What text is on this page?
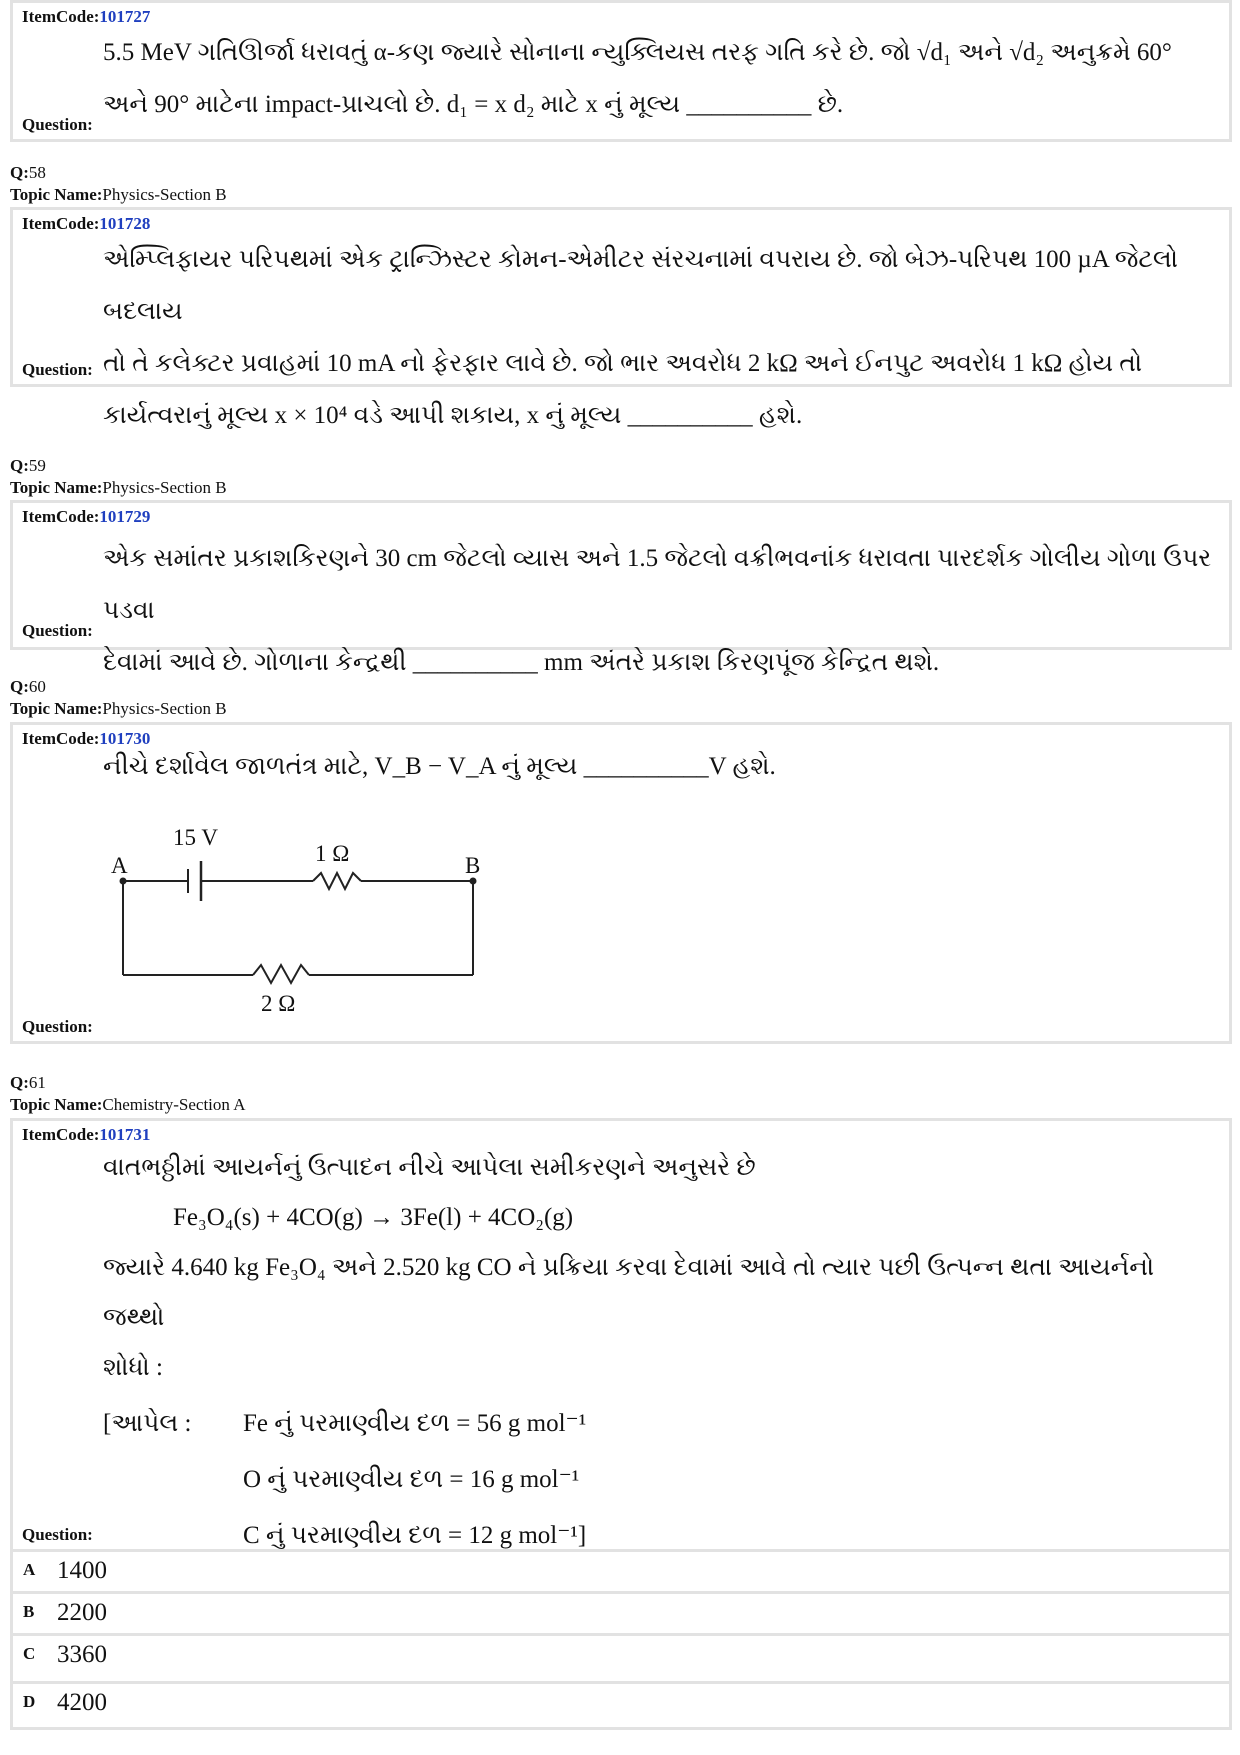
ItemCode:101727
5.5 MeV ગતિઊર્જા ધરાવતું α-કણ જ્યારે સોનાના ન્યુક્લિયસ તરફ ગતિ કરે છે. જો √d₁ અને √d₂ અનુક્રમે 60°
અને 90° માટેના impact-પ્રાચલો છે. d₁ = x d₂ માટે x નું મૂલ્ય __________ છે.
Question:
Q:58
Topic Name:Physics-Section B
ItemCode:101728
એમ્પ્લિફાયર પરિપથમાં એક ટ્રાન્ઝિસ્ટર કોમન-એમીટર સંરચનામાં વપરાય છે. જો બેઝ-પરિપથ 100 µA જેટલો બદલાય
તો તે કલેક્ટર પ્રવાહમાં 10 mA નો ફેરફાર લાવે છે. જો ભાર અવરોધ 2 kΩ અને ઈનપુટ અવરોધ 1 kΩ હોય તો
કાર્યત્વરાનું મૂલ્ય x × 10⁴ વડે આપી શકાય, x નું મૂલ્ય __________ હશે.
Question:
Q:59
Topic Name:Physics-Section B
ItemCode:101729
એક સમાંતર પ્રકાશકિરણને 30 cm જેટલો વ્યાસ અને 1.5 જેટલો વક્રીભવનાંક ધરાવતા પારદર્શક ગોલીય ગોળા ઉપર પડવા
દેવામાં આવે છે. ગોળાના કેન્દ્રથી __________ mm અંતરે પ્રકાશ કિરણપૂંજ કેન્દ્રિત થશે.
Question:
Q:60
Topic Name:Physics-Section B
ItemCode:101730
નીચે દર્શાવેલ જાળતંત્ર માટે, V_B − V_A નું મૂલ્ય __________V હશે.
15 V
1 Ω
A	B
2 Ω
Question:
Q:61
Topic Name:Chemistry-Section A
ItemCode:101731
વાતભઠ્ઠીમાં આયર્નનું ઉત્પાદન નીચે આપેલા સમીકરણને અનુસરે છે
Fe₃O₄(s) + 4CO(g) → 3Fe(l) + 4CO₂(g)
જ્યારે 4.640 kg Fe₃O₄ અને 2.520 kg CO ને પ્રક્રિયા કરવા દેવામાં આવે તો ત્યાર પછી ઉત્પન્ન થતા આયર્નનો જથ્થો
શોધો :
[આપેલ : Fe નું પરમાણ્વીય દળ = 56 g mol⁻¹
O નું પરમાણ્વીય દળ = 16 g mol⁻¹
C નું પરમાણ્વીય દળ = 12 g mol⁻¹]
Question:
A 1400
B 2200
C 3360
D 4200
